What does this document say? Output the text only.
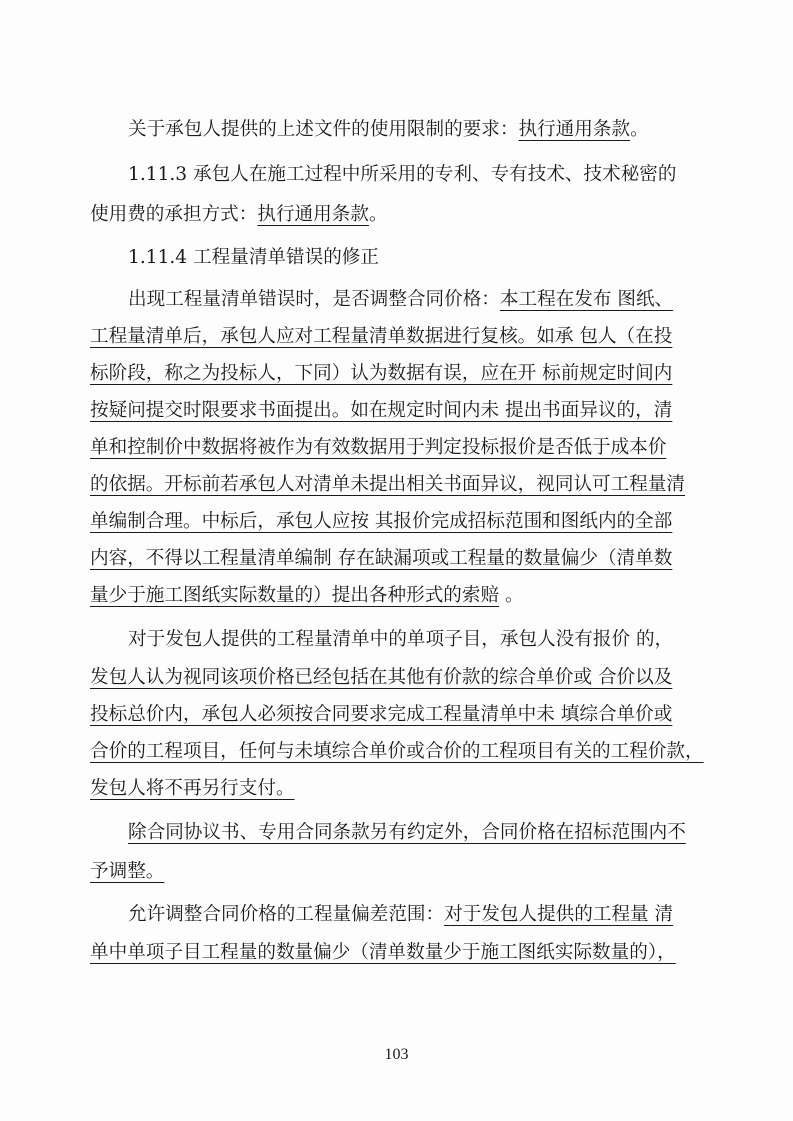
关于承包人提供的上述文件的使用限制的要求：执行通用条款。
1.11.3 承包人在施工过程中所采用的专利、专有技术、技术秘密的
使用费的承担方式：执行通用条款。
1.11.4 工程量清单错误的修正
出现工程量清单错误时，是否调整合同价格：本工程在发布 图纸、
工程量清单后，承包人应对工程量清单数据进行复核。如承 包人（在投
标阶段，称之为投标人，下同）认为数据有误，应在开 标前规定时间内
按疑问提交时限要求书面提出。如在规定时间内未 提出书面异议的，清
单和控制价中数据将被作为有效数据用于判定投标报价是否低于成本价
的依据。开标前若承包人对清单未提出相关书面异议，视同认可工程量清
单编制合理。中标后，承包人应按 其报价完成招标范围和图纸内的全部
内容，不得以工程量清单编制 存在缺漏项或工程量的数量偏少（清单数
量少于施工图纸实际数量的）提出各种形式的索赔 。
对于发包人提供的工程量清单中的单项子目，承包人没有报价 的，
发包人认为视同该项价格已经包括在其他有价款的综合单价或 合价以及
投标总价内，承包人必须按合同要求完成工程量清单中未 填综合单价或
合价的工程项目，任何与未填综合单价或合价的工程项目有关的工程价款，
发包人将不再另行支付。
除合同协议书、专用合同条款另有约定外，合同价格在招标范围内不
予调整。
允许调整合同价格的工程量偏差范围：对于发包人提供的工程量 清
单中单项子目工程量的数量偏少（清单数量少于施工图纸实际数量的），
103
